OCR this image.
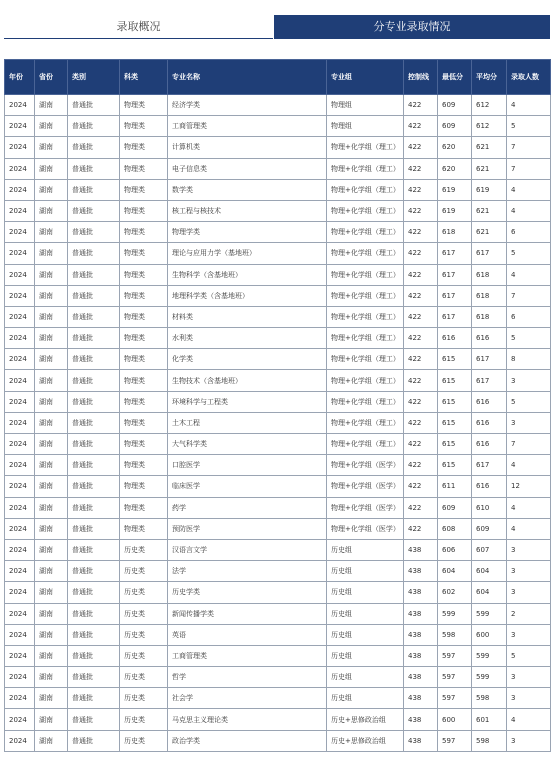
录取概况	分专业录取情况
年份	省份	类别	科类	专业名称	专业组	控制线	最低分	平均分	录取人数
2024	湖南	普通批	物理类	经济学类	物理组	422	609	612	4
2024	湖南	普通批	物理类	工商管理类	物理组	422	609	612	5
2024	湖南	普通批	物理类	计算机类	物理+化学组（理工）	422	620	621	7
2024	湖南	普通批	物理类	电子信息类	物理+化学组（理工）	422	620	621	7
2024	湖南	普通批	物理类	数学类	物理+化学组（理工）	422	619	619	4
2024	湖南	普通批	物理类	核工程与核技术	物理+化学组（理工）	422	619	621	4
2024	湖南	普通批	物理类	物理学类	物理+化学组（理工）	422	618	621	6
2024	湖南	普通批	物理类	理论与应用力学（基地班）	物理+化学组（理工）	422	617	617	5
2024	湖南	普通批	物理类	生物科学（含基地班）	物理+化学组（理工）	422	617	618	4
2024	湖南	普通批	物理类	地理科学类（含基地班）	物理+化学组（理工）	422	617	618	7
2024	湖南	普通批	物理类	材料类	物理+化学组（理工）	422	617	618	6
2024	湖南	普通批	物理类	水利类	物理+化学组（理工）	422	616	616	5
2024	湖南	普通批	物理类	化学类	物理+化学组（理工）	422	615	617	8
2024	湖南	普通批	物理类	生物技术（含基地班）	物理+化学组（理工）	422	615	617	3
2024	湖南	普通批	物理类	环境科学与工程类	物理+化学组（理工）	422	615	616	5
2024	湖南	普通批	物理类	土木工程	物理+化学组（理工）	422	615	616	3
2024	湖南	普通批	物理类	大气科学类	物理+化学组（理工）	422	615	616	7
2024	湖南	普通批	物理类	口腔医学	物理+化学组（医学）	422	615	617	4
2024	湖南	普通批	物理类	临床医学	物理+化学组（医学）	422	611	616	12
2024	湖南	普通批	物理类	药学	物理+化学组（医学）	422	609	610	4
2024	湖南	普通批	物理类	预防医学	物理+化学组（医学）	422	608	609	4
2024	湖南	普通批	历史类	汉语言文学	历史组	438	606	607	3
2024	湖南	普通批	历史类	法学	历史组	438	604	604	3
2024	湖南	普通批	历史类	历史学类	历史组	438	602	604	3
2024	湖南	普通批	历史类	新闻传播学类	历史组	438	599	599	2
2024	湖南	普通批	历史类	英语	历史组	438	598	600	3
2024	湖南	普通批	历史类	工商管理类	历史组	438	597	599	5
2024	湖南	普通批	历史类	哲学	历史组	438	597	599	3
2024	湖南	普通批	历史类	社会学	历史组	438	597	598	3
2024	湖南	普通批	历史类	马克思主义理论类	历史+思修政治组	438	600	601	4
2024	湖南	普通批	历史类	政治学类	历史+思修政治组	438	597	598	3
